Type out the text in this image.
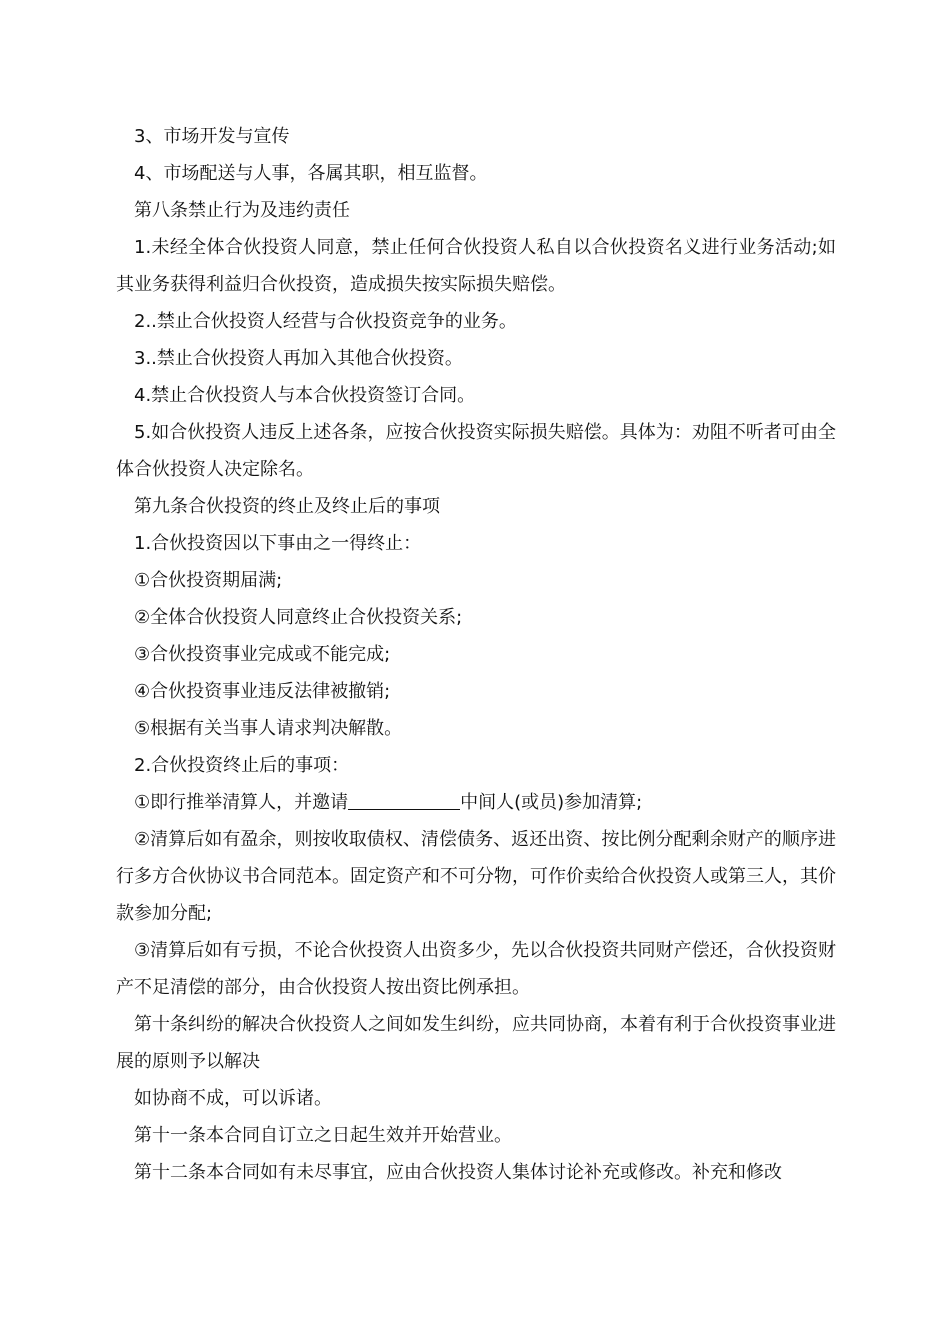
3、市场开发与宣传

4、市场配送与人事，各属其职，相互监督。

第八条禁止行为及违约责任

1.未经全体合伙投资人同意，禁止任何合伙投资人私自以合伙投资名义进行业务活动;如其业务获得利益归合伙投资，造成损失按实际损失赔偿。

2..禁止合伙投资人经营与合伙投资竞争的业务。

3..禁止合伙投资人再加入其他合伙投资。

4.禁止合伙投资人与本合伙投资签订合同。

5.如合伙投资人违反上述各条，应按合伙投资实际损失赔偿。具体为：劝阻不听者可由全体合伙投资人决定除名。

第九条合伙投资的终止及终止后的事项

1.合伙投资因以下事由之一得终止：

①合伙投资期届满;

②全体合伙投资人同意终止合伙投资关系;

③合伙投资事业完成或不能完成;

④合伙投资事业违反法律被撤销;

⑤根据有关当事人请求判决解散。

2.合伙投资终止后的事项：

①即行推举清算人，并邀请	中间人(或员)参加清算;

②清算后如有盈余，则按收取债权、清偿债务、返还出资、按比例分配剩余财产的顺序进行多方合伙协议书合同范本。固定资产和不可分物，可作价卖给合伙投资人或第三人，其价款参加分配;

③清算后如有亏损，不论合伙投资人出资多少，先以合伙投资共同财产偿还，合伙投资财产不足清偿的部分，由合伙投资人按出资比例承担。

第十条纠纷的解决合伙投资人之间如发生纠纷，应共同协商，本着有利于合伙投资事业进展的原则予以解决

如协商不成，可以诉诸。

第十一条本合同自订立之日起生效并开始营业。

第十二条本合同如有未尽事宜，应由合伙投资人集体讨论补充或修改。补充和修改
